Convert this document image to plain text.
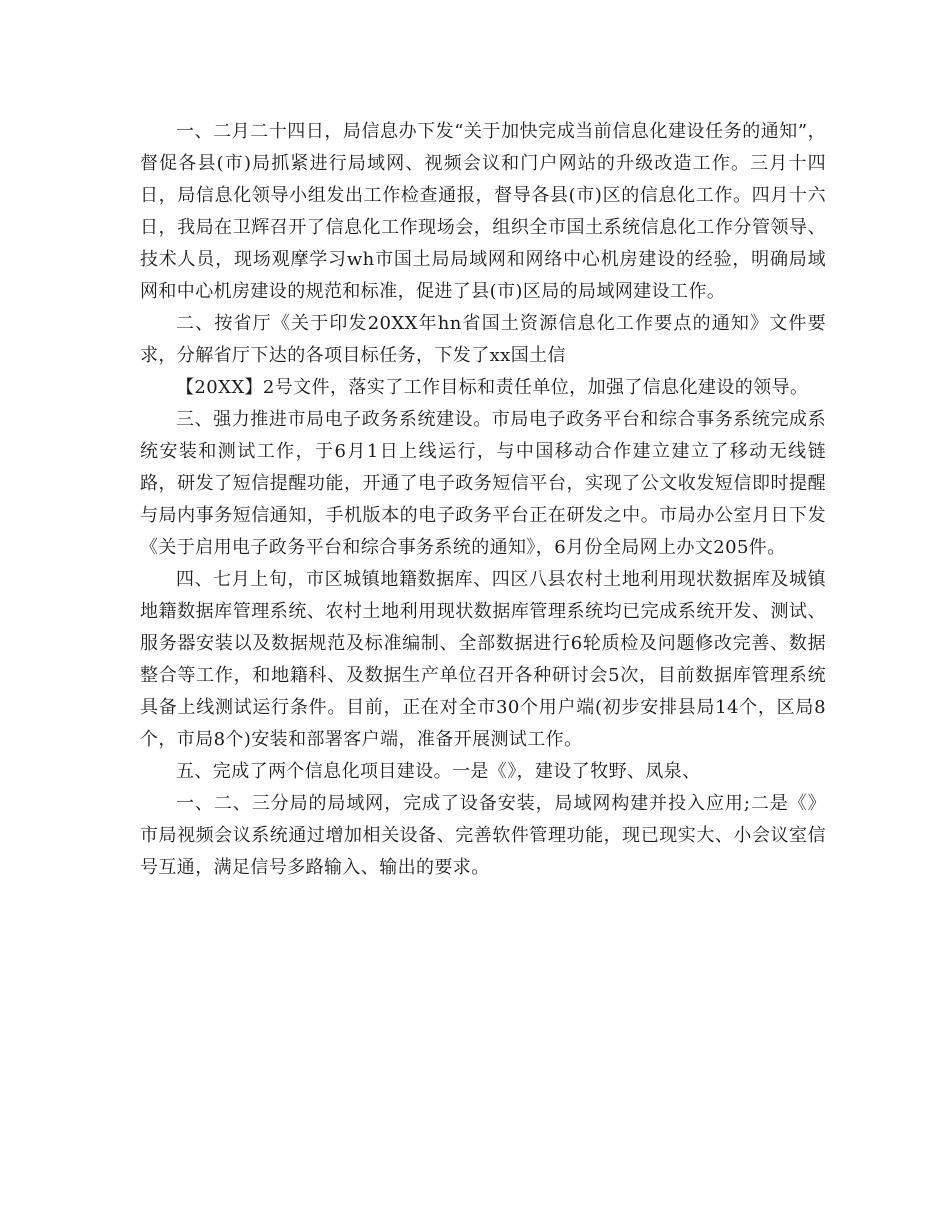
一、二月二十四日，局信息办下发“关于加快完成当前信息化建设任务的通知”，督促各县(市)局抓紧进行局域网、视频会议和门户网站的升级改造工作。三月十四日，局信息化领导小组发出工作检查通报，督导各县(市)区的信息化工作。四月十六日，我局在卫辉召开了信息化工作现场会，组织全市国土系统信息化工作分管领导、技术人员，现场观摩学习wh市国土局局域网和网络中心机房建设的经验，明确局域网和中心机房建设的规范和标准，促进了县(市)区局的局域网建设工作。

二、按省厅《关于印发20XX年hn省国土资源信息化工作要点的通知》文件要求，分解省厅下达的各项目标任务，下发了xx国土信

【20XX】2号文件，落实了工作目标和责任单位，加强了信息化建设的领导。

三、强力推进市局电子政务系统建设。市局电子政务平台和综合事务系统完成系统安装和测试工作，于6月1日上线运行，与中国移动合作建立建立了移动无线链路，研发了短信提醒功能，开通了电子政务短信平台，实现了公文收发短信即时提醒与局内事务短信通知，手机版本的电子政务平台正在研发之中。市局办公室月日下发《关于启用电子政务平台和综合事务系统的通知》，6月份全局网上办文205件。

四、七月上旬，市区城镇地籍数据库、四区八县农村土地利用现状数据库及城镇地籍数据库管理系统、农村土地利用现状数据库管理系统均已完成系统开发、测试、服务器安装以及数据规范及标准编制、全部数据进行6轮质检及问题修改完善、数据整合等工作，和地籍科、及数据生产单位召开各种研讨会5次，目前数据库管理系统具备上线测试运行条件。目前，正在对全市30个用户端(初步安排县局14个，区局8个，市局8个)安装和部署客户端，准备开展测试工作。

五、完成了两个信息化项目建设。一是《》，建设了牧野、凤泉、

一、二、三分局的局域网，完成了设备安装，局域网构建并投入应用;二是《》市局视频会议系统通过增加相关设备、完善软件管理功能，现已现实大、小会议室信号互通，满足信号多路输入、输出的要求。
